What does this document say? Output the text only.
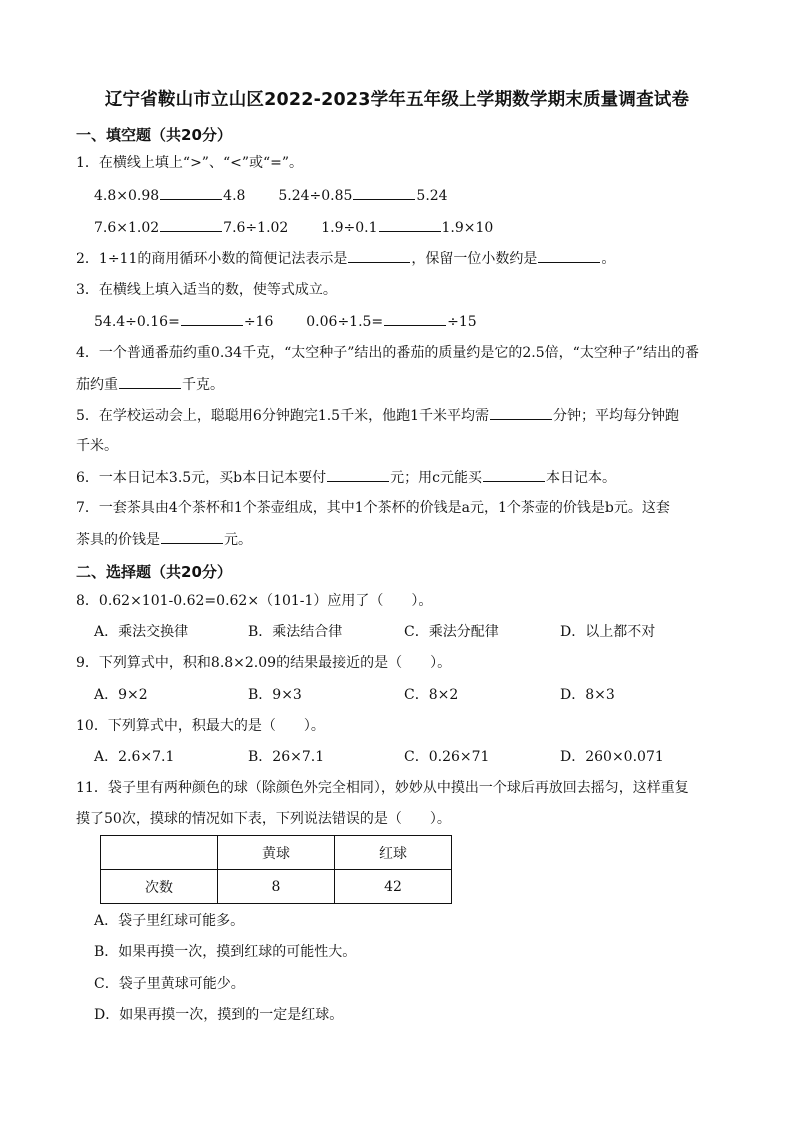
辽宁省鞍山市立山区2022-2023学年五年级上学期数学期末质量调查试卷
一、填空题（共20分）
1．在横线上填上“>”、“<”或“=”。
4.8×0.98	4.8 5.24÷0.85	5.24
7.6×1.02	7.6÷1.02 1.9÷0.1	1.9×10
2．1÷11的商用循环小数的简便记法表示是	，保留一位小数约是	。
3．在横线上填入适当的数，使等式成立。
54.4÷0.16=	÷16 0.06÷1.5=	÷15
4．一个普通番茄约重0.34千克，“太空种子”结出的番茄的质量约是它的2.5倍，“太空种子”结出的番
茄约重	千克。
5．在学校运动会上，聪聪用6分钟跑完1.5千米，他跑1千米平均需	分钟；平均每分钟跑
千米。
6．一本日记本3.5元，买b本日记本要付	元；用c元能买	本日记本。
7．一套茶具由4个茶杯和1个茶壶组成，其中1个茶杯的价钱是a元，1个茶壶的价钱是b元。这套
茶具的价钱是	元。
二、选择题（共20分）
8．0.62×101-0.62=0.62×（101-1）应用了（　　）。
A．乘法交换律	B．乘法结合律	C．乘法分配律	D．以上都不对
9．下列算式中，积和8.8×2.09的结果最接近的是（　　）。
A．9×2	B．9×3	C．8×2	D．8×3
10．下列算式中，积最大的是（　　）。
A．2.6×7.1	B．26×7.1	C．0.26×71	D．260×0.071
11．袋子里有两种颜色的球（除颜色外完全相同），妙妙从中摸出一个球后再放回去摇匀，这样重复
摸了50次，摸球的情况如下表，下列说法错误的是（　　）。
	黄球	红球
次数	8	42
A．袋子里红球可能多。
B．如果再摸一次，摸到红球的可能性大。
C．袋子里黄球可能少。
D．如果再摸一次，摸到的一定是红球。
